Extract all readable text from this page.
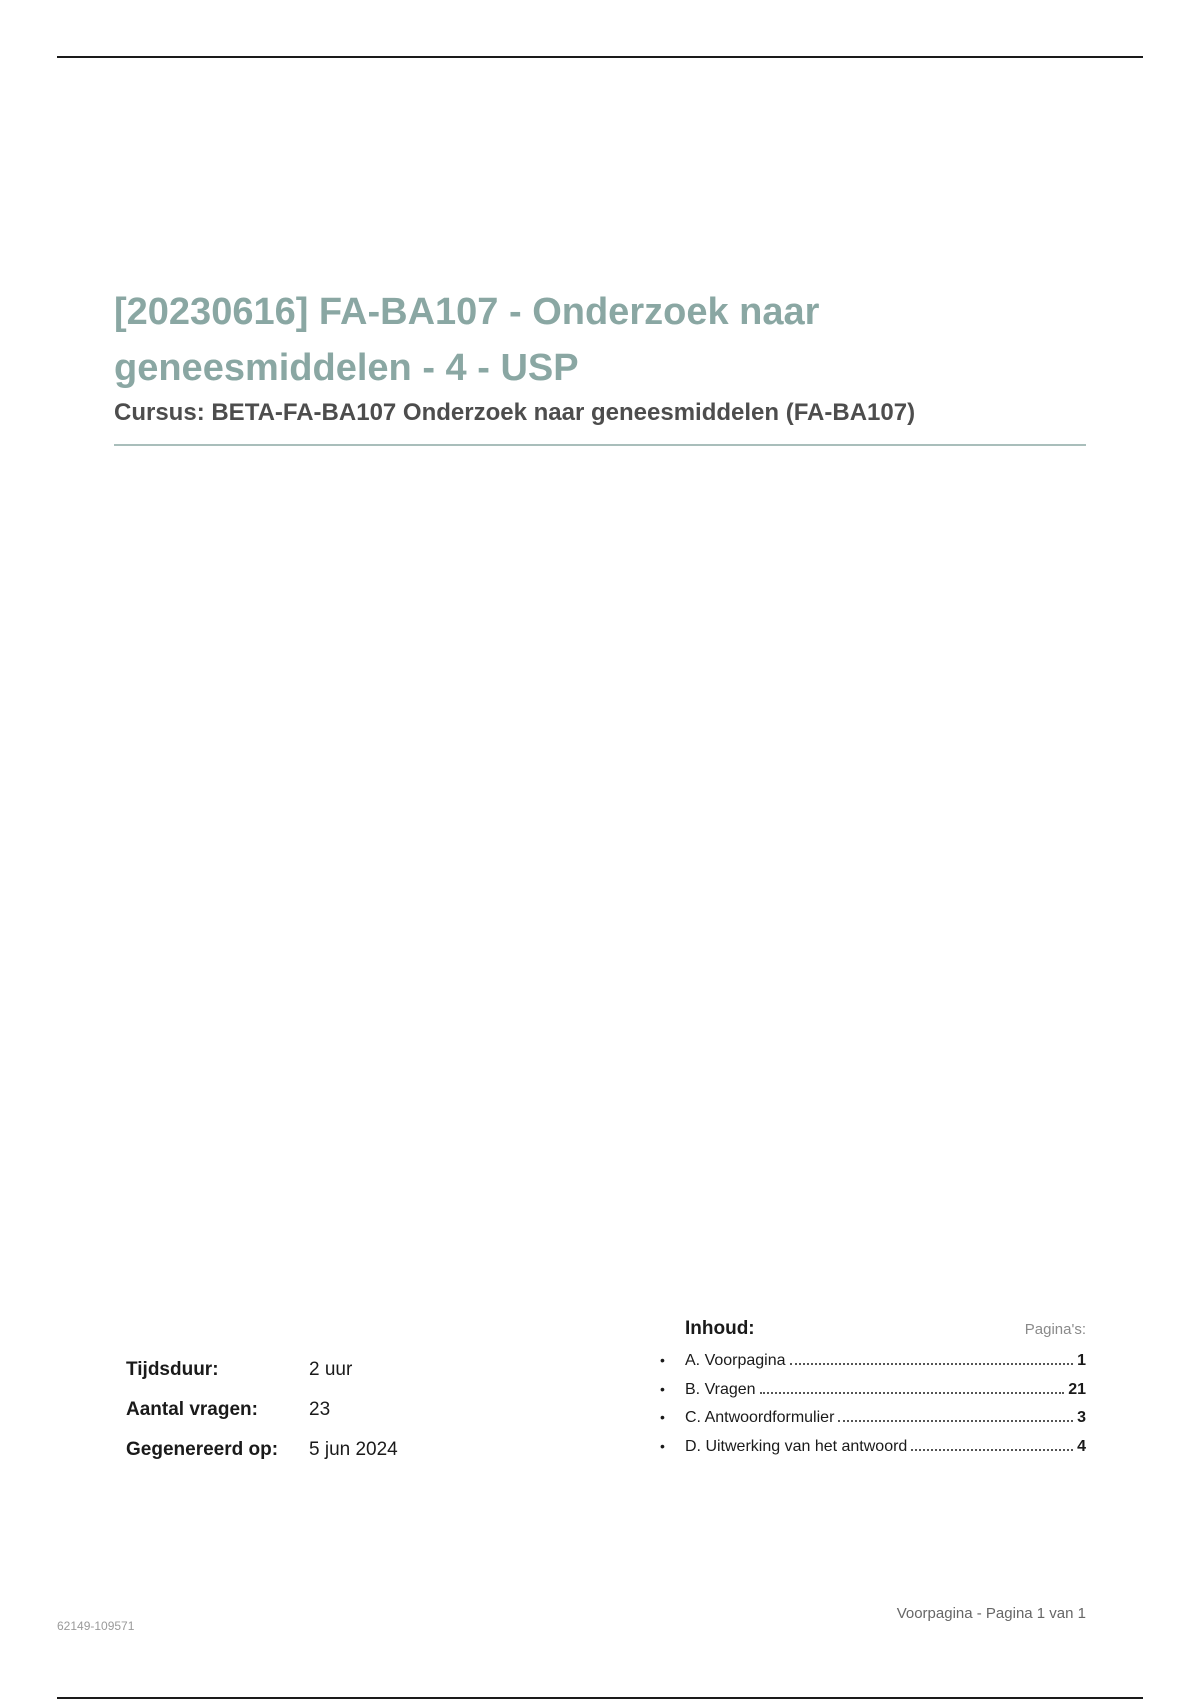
[20230616] FA-BA107 - Onderzoek naar geneesmiddelen - 4 - USP
Cursus: BETA-FA-BA107 Onderzoek naar geneesmiddelen (FA-BA107)
Tijdsduur:	2 uur
Aantal vragen:	23
Gegenereerd op:	5 jun 2024
Inhoud:	Pagina's:
•	A. Voorpagina	1
•	B. Vragen	21
•	C. Antwoordformulier	3
•	D. Uitwerking van het antwoord	4
62149-109571
Voorpagina - Pagina 1 van 1
